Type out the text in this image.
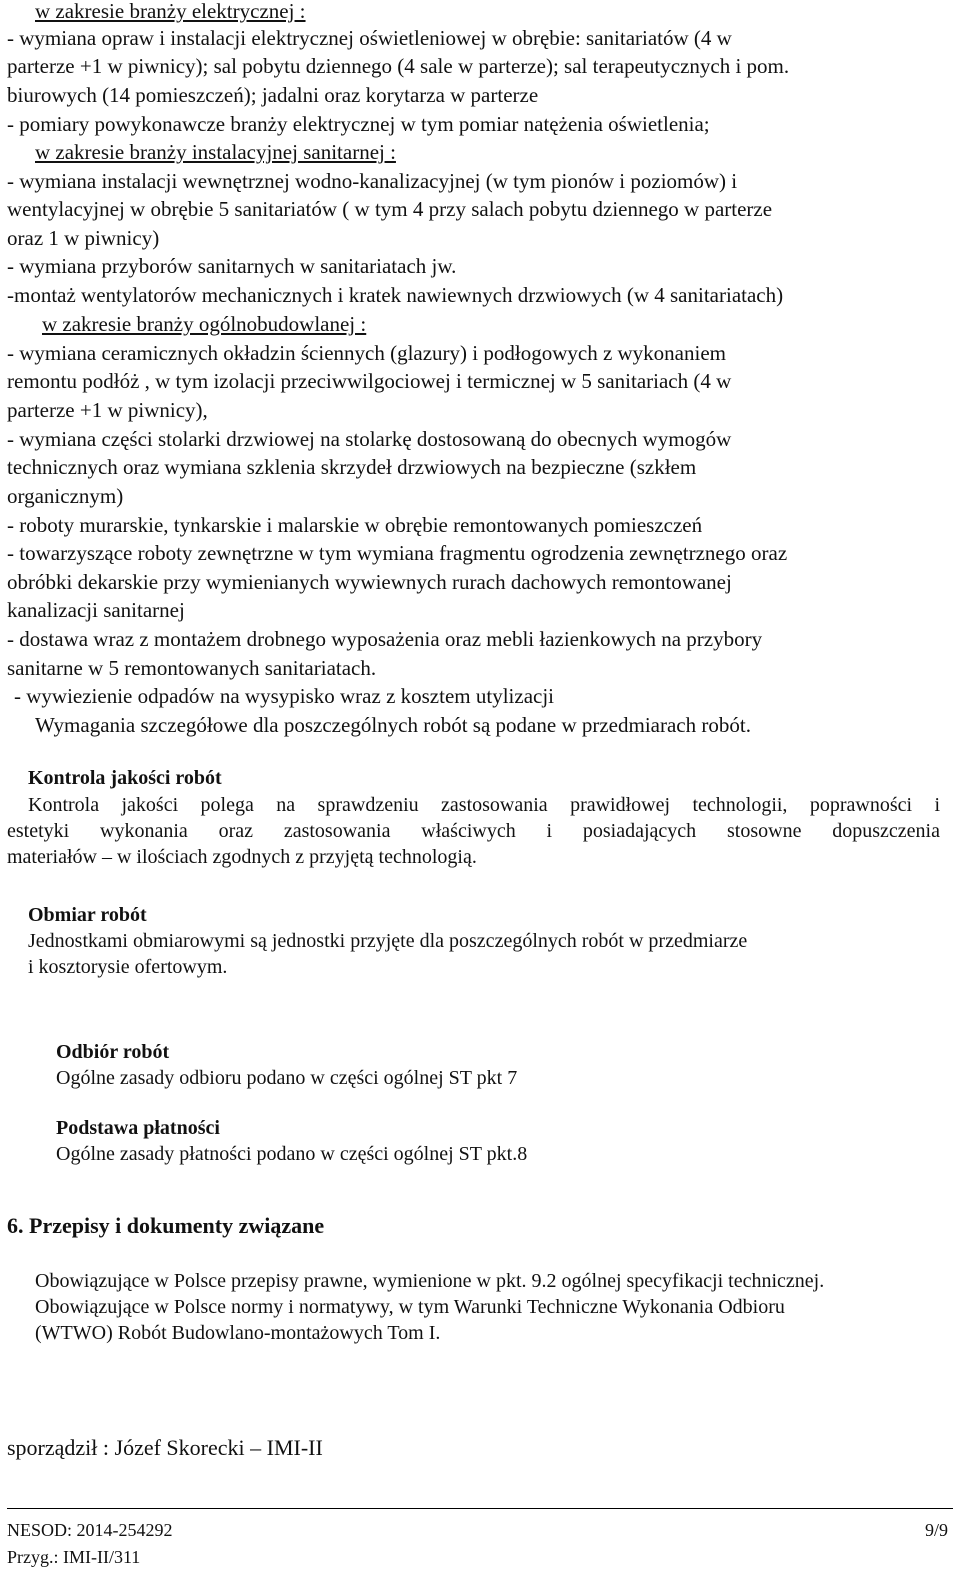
w zakresie branży elektrycznej :
- wymiana opraw i instalacji elektrycznej oświetleniowej w obrębie: sanitariatów (4 w
parterze +1 w piwnicy); sal pobytu dziennego (4 sale w parterze); sal terapeutycznych i pom.
biurowych (14 pomieszczeń); jadalni oraz korytarza w parterze
- pomiary powykonawcze branży elektrycznej w tym pomiar natężenia oświetlenia;
w zakresie branży instalacyjnej sanitarnej :
- wymiana instalacji wewnętrznej wodno-kanalizacyjnej (w tym pionów i poziomów) i
wentylacyjnej w obrębie 5 sanitariatów ( w tym 4 przy salach pobytu dziennego w parterze
oraz 1 w piwnicy)
- wymiana przyborów sanitarnych w sanitariatach jw.
-montaż wentylatorów mechanicznych i kratek nawiewnych drzwiowych (w 4 sanitariatach)
w zakresie branży ogólnobudowlanej :
- wymiana ceramicznych okładzin ściennych (glazury) i podłogowych z wykonaniem
remontu podłóż , w tym izolacji przeciwwilgociowej i termicznej w 5 sanitariach (4 w
parterze +1 w piwnicy),
- wymiana części stolarki drzwiowej na stolarkę dostosowaną do obecnych wymogów
technicznych oraz wymiana szklenia skrzydeł drzwiowych na bezpieczne (szkłem
organicznym)
- roboty murarskie, tynkarskie i malarskie w obrębie remontowanych pomieszczeń
- towarzyszące roboty zewnętrzne w tym wymiana fragmentu ogrodzenia zewnętrznego oraz
obróbki dekarskie przy wymienianych wywiewnych rurach dachowych remontowanej
kanalizacji sanitarnej
- dostawa wraz z montażem drobnego wyposażenia oraz mebli łazienkowych na przybory
sanitarne w 5 remontowanych sanitariatach.
- wywiezienie odpadów na wysypisko wraz z kosztem utylizacji
Wymagania szczegółowe dla poszczególnych robót są podane w przedmiarach robót.
Kontrola jakości robót
Kontrola jakości polega na sprawdzeniu zastosowania prawidłowej technologii, poprawności i
estetyki wykonania oraz zastosowania właściwych i posiadających stosowne dopuszczenia
materiałów – w ilościach zgodnych z przyjętą technologią.
Obmiar robót
Jednostkami obmiarowymi są jednostki przyjęte dla poszczególnych robót w przedmiarze
i kosztorysie ofertowym.
Odbiór robót
Ogólne zasady odbioru podano w części ogólnej ST pkt 7
Podstawa płatności
Ogólne zasady płatności podano w części ogólnej ST pkt.8
6. Przepisy i dokumenty związane
Obowiązujące w Polsce przepisy prawne, wymienione w pkt. 9.2 ogólnej specyfikacji technicznej.
Obowiązujące w Polsce normy i normatywy, w tym Warunki Techniczne Wykonania Odbioru
(WTWO) Robót Budowlano-montażowych Tom I.
sporządził : Józef Skorecki – IMI-II
NESOD: 2014-254292
Przyg.: IMI-II/311
9/9
